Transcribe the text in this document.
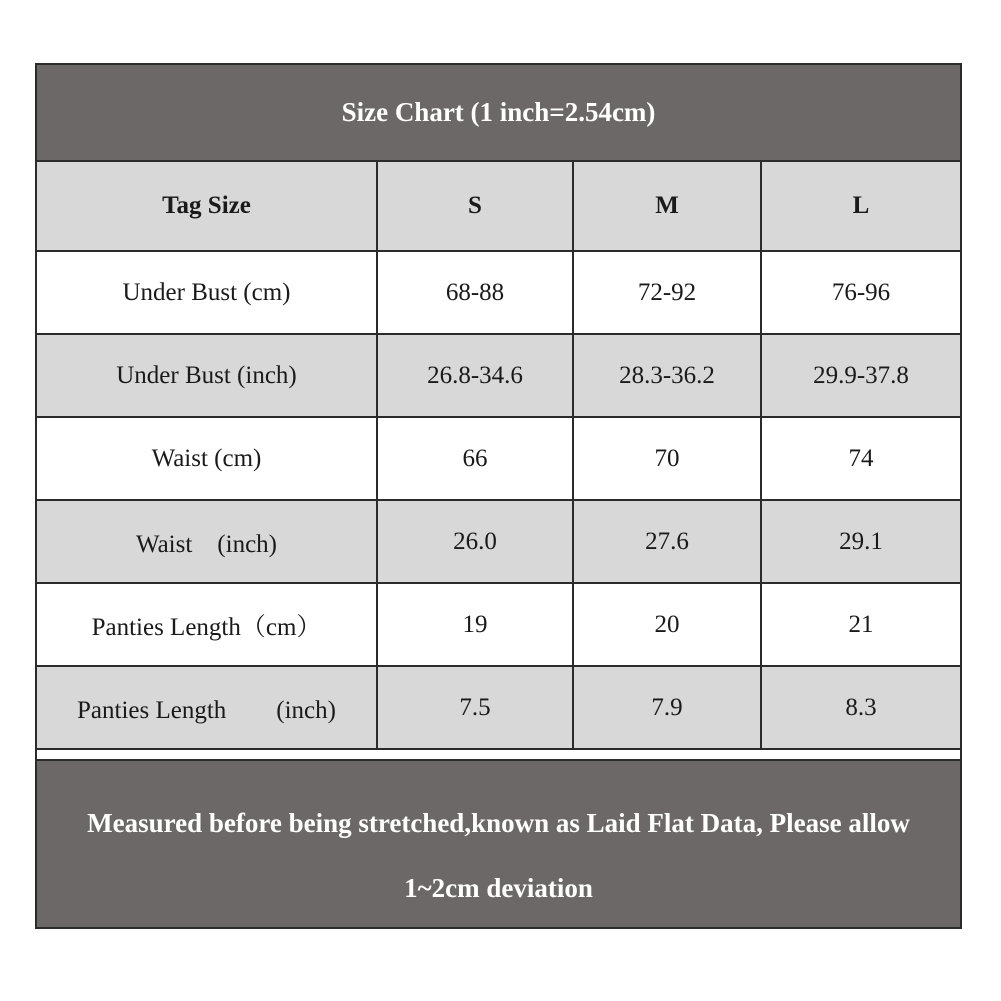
Size Chart (1 inch=2.54cm)
Tag Size	S	M	L
Under Bust (cm)	68-88	72-92	76-96
Under Bust (inch)	26.8-34.6	28.3-36.2	29.9-37.8
Waist (cm)	66	70	74
Waist　(inch)	26.0	27.6	29.1
Panties Length（cm）	19	20	21
Panties Length　　(inch)	7.5	7.9	8.3
Measured before being stretched,known as Laid Flat Data, Please allow
1~2cm deviation
